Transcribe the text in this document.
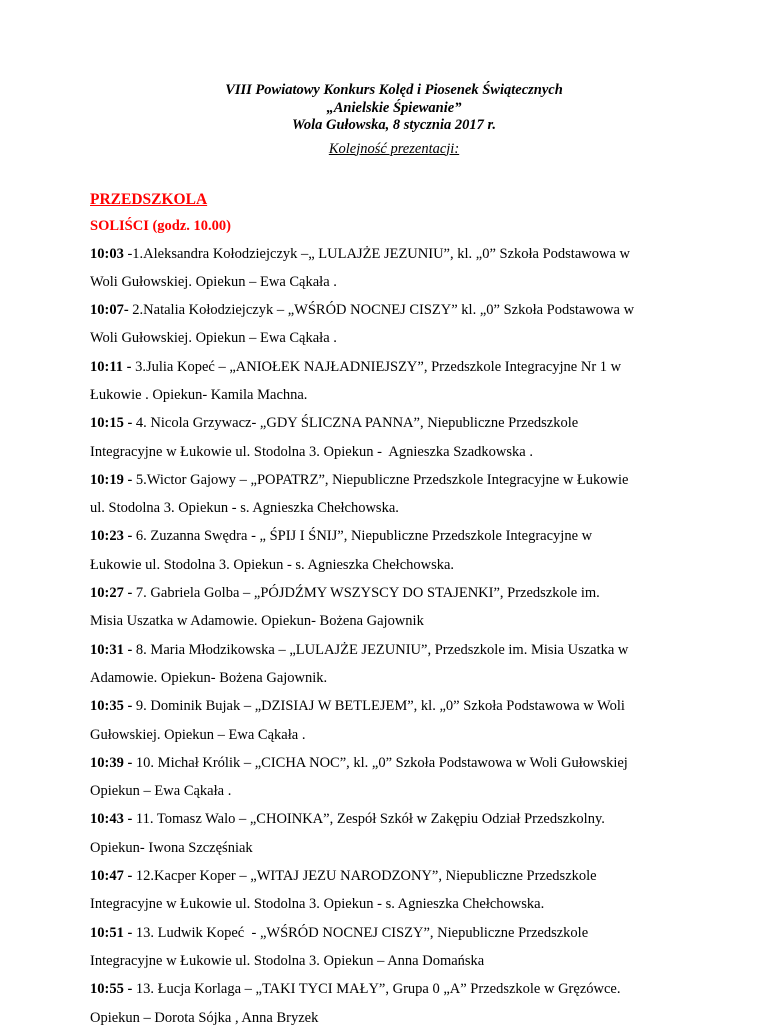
VIII Powiatowy Konkurs Kolęd i Piosenek Świątecznych
„Anielskie Śpiewanie”
Wola Gułowska, 8 stycznia 2017 r.
Kolejność prezentacji:
PRZEDSZKOLA
SOLIŚCI (godz. 10.00)
10:03 -1.Aleksandra Kołodziejczyk –„ LULAJŻE JEZUNIU”, kl. „0” Szkoła Podstawowa w
Woli Gułowskiej. Opiekun – Ewa Cąkała .
10:07- 2.Natalia Kołodziejczyk – „WŚRÓD NOCNEJ CISZY” kl. „0” Szkoła Podstawowa w
Woli Gułowskiej. Opiekun – Ewa Cąkała .
10:11 - 3.Julia Kopeć – „ANIOŁEK NAJŁADNIEJSZY”, Przedszkole Integracyjne Nr 1 w
Łukowie . Opiekun- Kamila Machna.
10:15 - 4. Nicola Grzywacz- „GDY ŚLICZNA PANNA”, Niepubliczne Przedszkole
Integracyjne w Łukowie ul. Stodolna 3. Opiekun -  Agnieszka Szadkowska .
10:19 - 5.Wictor Gajowy – „POPATRZ”, Niepubliczne Przedszkole Integracyjne w Łukowie
ul. Stodolna 3. Opiekun - s. Agnieszka Chełchowska.
10:23 - 6. Zuzanna Swędra - „ ŚPIJ I ŚNIJ”, Niepubliczne Przedszkole Integracyjne w
Łukowie ul. Stodolna 3. Opiekun - s. Agnieszka Chełchowska.
10:27 - 7. Gabriela Golba – „PÓJDŹMY WSZYSCY DO STAJENKI”, Przedszkole im.
Misia Uszatka w Adamowie. Opiekun- Bożena Gajownik
10:31 - 8. Maria Młodzikowska – „LULAJŻE JEZUNIU”, Przedszkole im. Misia Uszatka w
Adamowie. Opiekun- Bożena Gajownik.
10:35 - 9. Dominik Bujak – „DZISIAJ W BETLEJEM”, kl. „0” Szkoła Podstawowa w Woli
Gułowskiej. Opiekun – Ewa Cąkała .
10:39 - 10. Michał Królik – „CICHA NOC”, kl. „0” Szkoła Podstawowa w Woli Gułowskiej
Opiekun – Ewa Cąkała .
10:43 - 11. Tomasz Walo – „CHOINKA”, Zespół Szkół w Zakępiu Odział Przedszkolny.
Opiekun- Iwona Szczęśniak
10:47 - 12.Kacper Koper – „WITAJ JEZU NARODZONY”, Niepubliczne Przedszkole
Integracyjne w Łukowie ul. Stodolna 3. Opiekun - s. Agnieszka Chełchowska.
10:51 - 13. Ludwik Kopeć  - „WŚRÓD NOCNEJ CISZY”, Niepubliczne Przedszkole
Integracyjne w Łukowie ul. Stodolna 3. Opiekun – Anna Domańska
10:55 - 13. Łucja Korlaga – „TAKI TYCI MAŁY”, Grupa 0 „A” Przedszkole w Gręzówce.
Opiekun – Dorota Sójka , Anna Bryzek
